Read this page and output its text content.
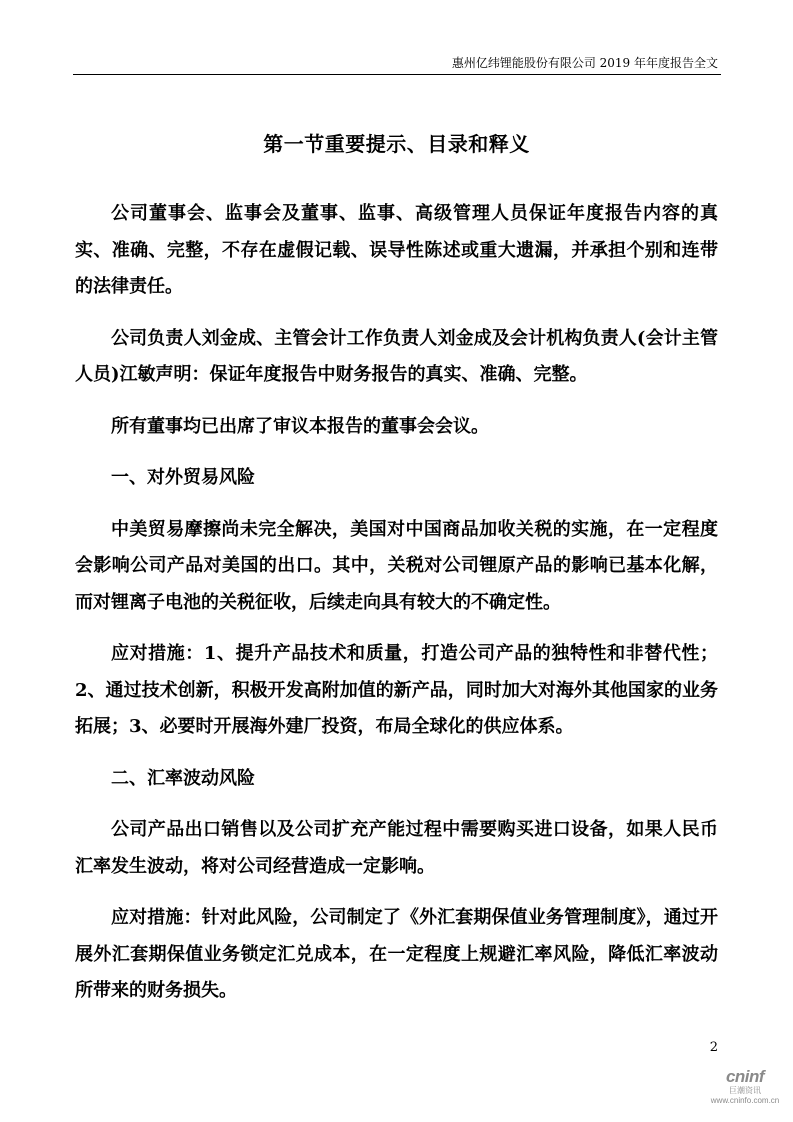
惠州亿纬锂能股份有限公司 2019 年年度报告全文
第一节重要提示、目录和释义

公司董事会、监事会及董事、监事、高级管理人员保证年度报告内容的真实、准确、完整，不存在虚假记载、误导性陈述或重大遗漏，并承担个别和连带的法律责任。

公司负责人刘金成、主管会计工作负责人刘金成及会计机构负责人(会计主管人员)江敏声明：保证年度报告中财务报告的真实、准确、完整。

所有董事均已出席了审议本报告的董事会会议。

一、对外贸易风险

中美贸易摩擦尚未完全解决，美国对中国商品加收关税的实施，在一定程度会影响公司产品对美国的出口。其中，关税对公司锂原产品的影响已基本化解，而对锂离子电池的关税征收，后续走向具有较大的不确定性。

应对措施：1、提升产品技术和质量，打造公司产品的独特性和非替代性；2、通过技术创新，积极开发高附加值的新产品，同时加大对海外其他国家的业务拓展；3、必要时开展海外建厂投资，布局全球化的供应体系。

二、汇率波动风险

公司产品出口销售以及公司扩充产能过程中需要购买进口设备，如果人民币汇率发生波动，将对公司经营造成一定影响。

应对措施：针对此风险，公司制定了《外汇套期保值业务管理制度》，通过开展外汇套期保值业务锁定汇兑成本，在一定程度上规避汇率风险，降低汇率波动所带来的财务损失。

2
cninf
巨潮资讯
www.cninfo.com.cn
